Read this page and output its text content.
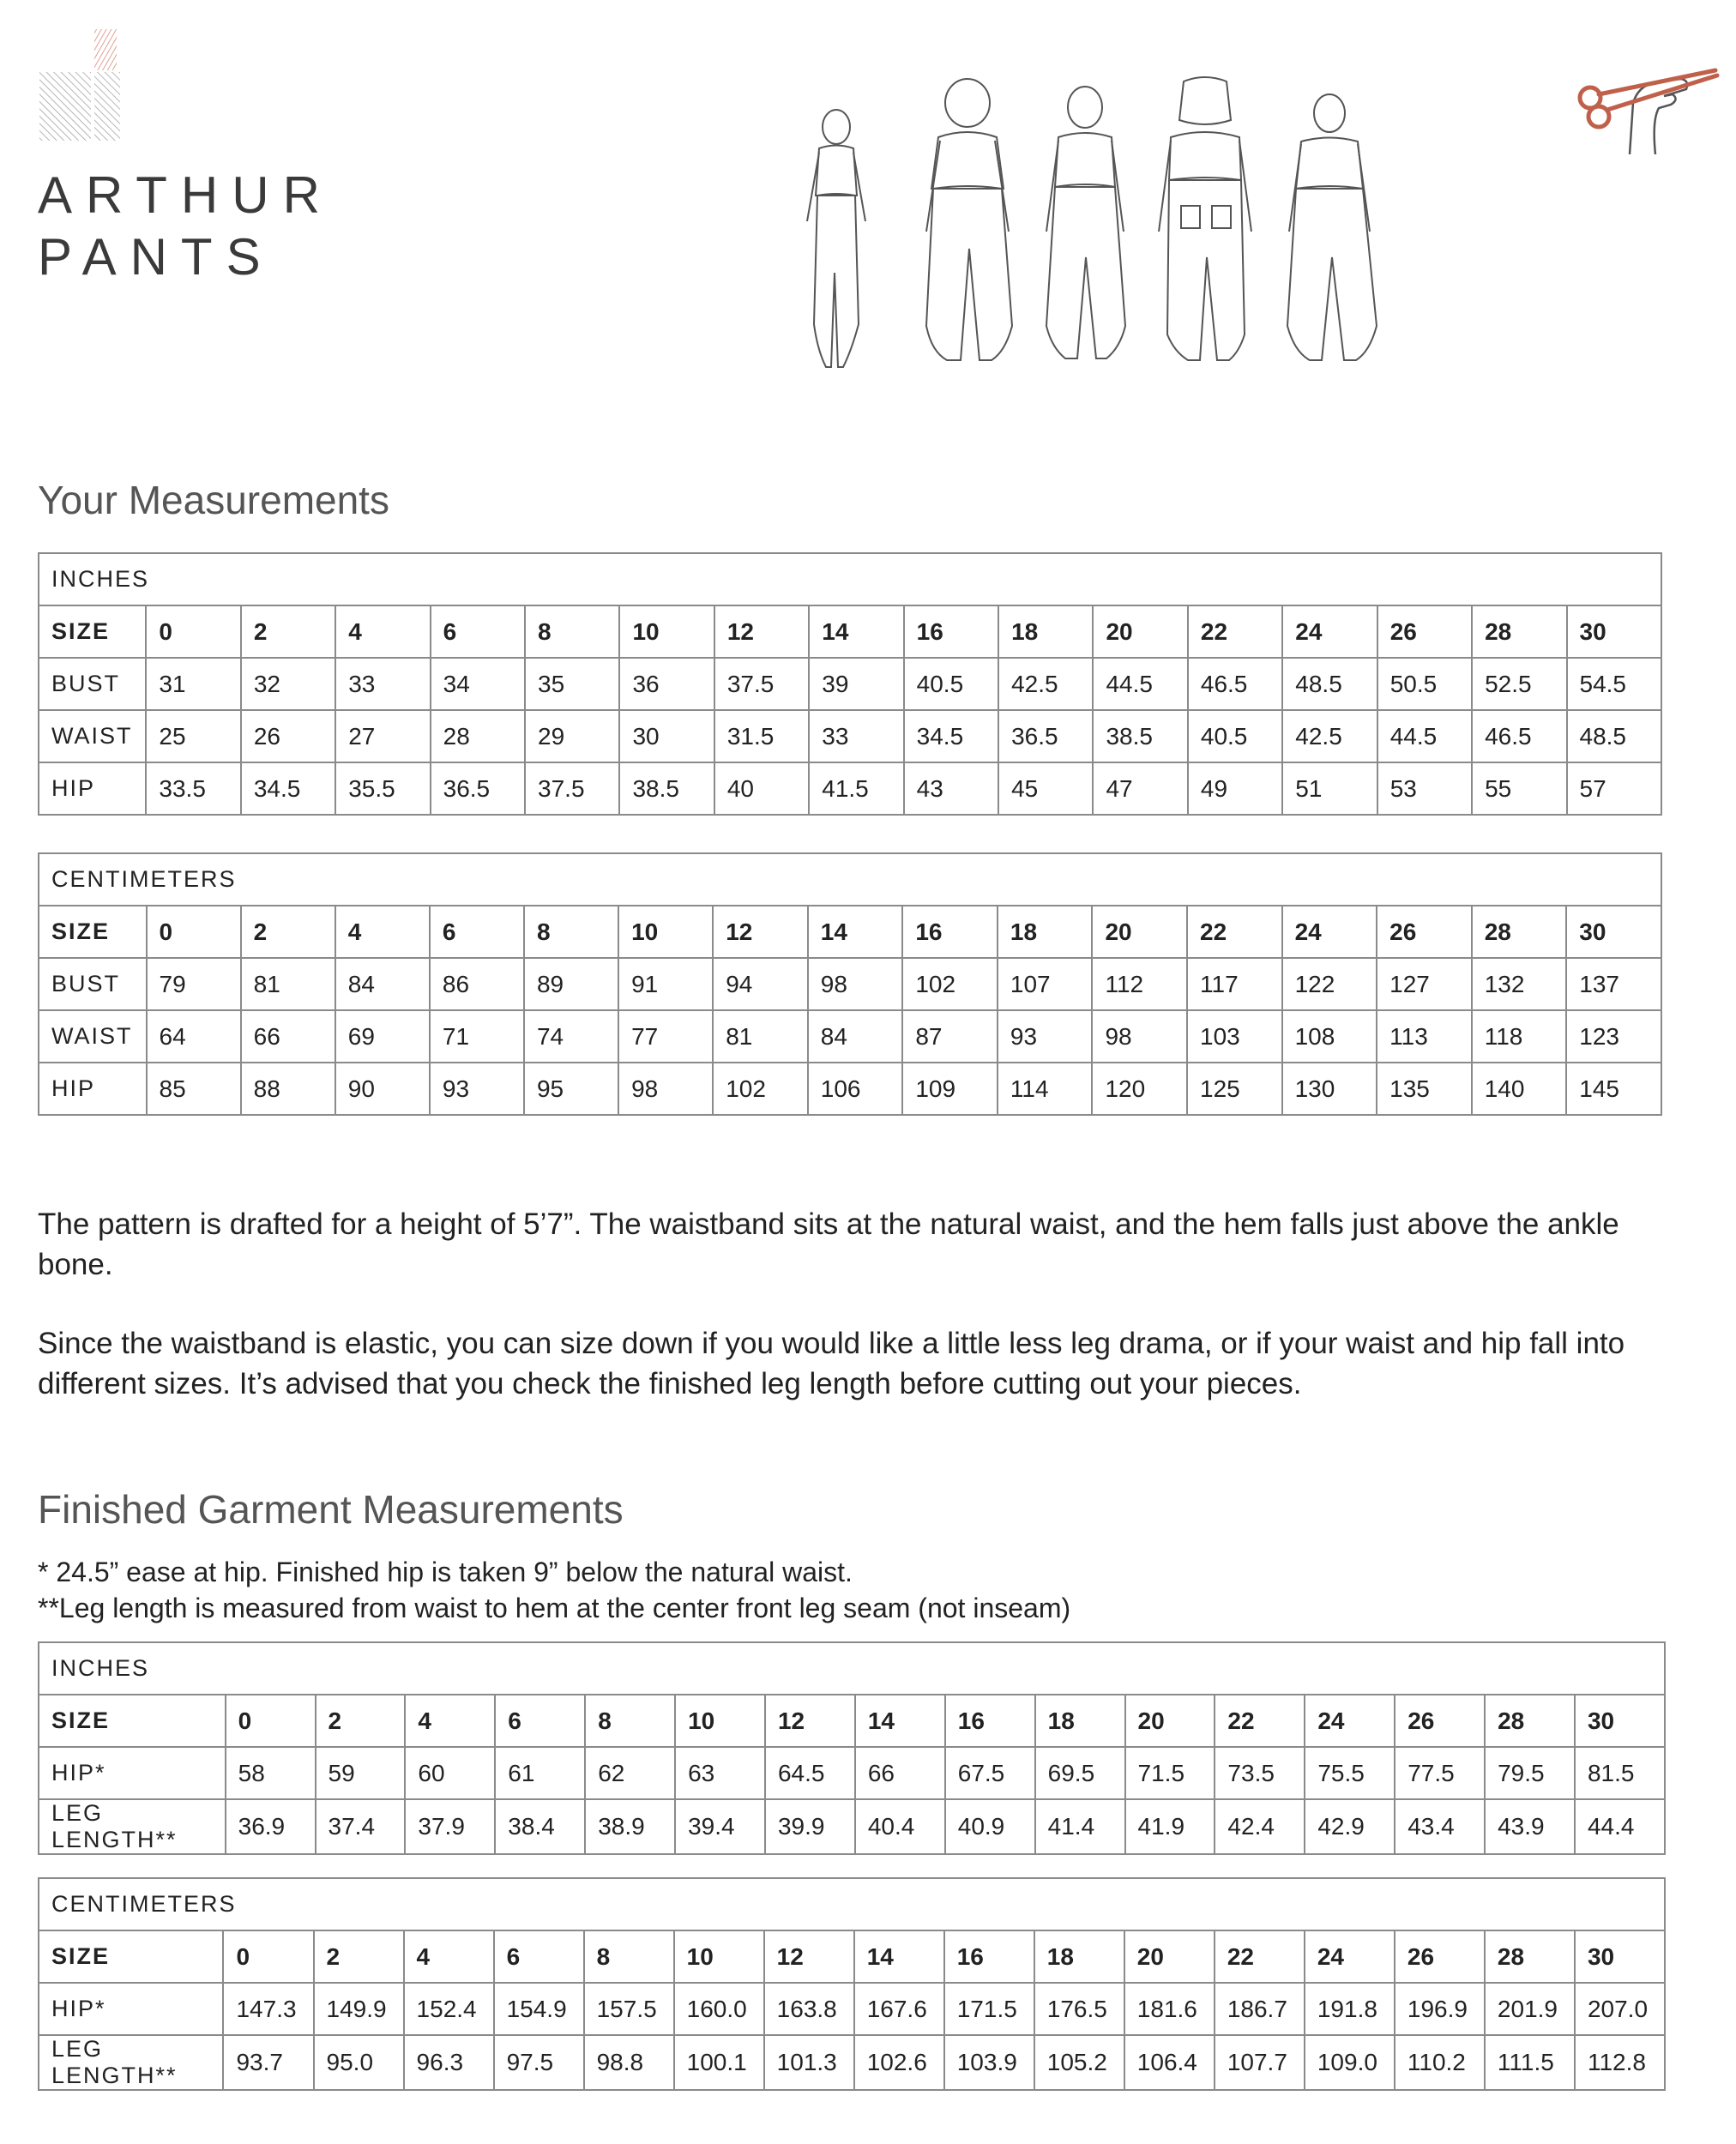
ARTHUR
PANTS
Your Measurements
INCHES																
SIZE	0	2	4	6	8	10	12	14	16	18	20	22	24	26	28	30
BUST	31	32	33	34	35	36	37.5	39	40.5	42.5	44.5	46.5	48.5	50.5	52.5	54.5
WAIST	25	26	27	28	29	30	31.5	33	34.5	36.5	38.5	40.5	42.5	44.5	46.5	48.5
HIP	33.5	34.5	35.5	36.5	37.5	38.5	40	41.5	43	45	47	49	51	53	55	57
CENTIMETERS																
SIZE	0	2	4	6	8	10	12	14	16	18	20	22	24	26	28	30
BUST	79	81	84	86	89	91	94	98	102	107	112	117	122	127	132	137
WAIST	64	66	69	71	74	77	81	84	87	93	98	103	108	113	118	123
HIP	85	88	90	93	95	98	102	106	109	114	120	125	130	135	140	145

The pattern is drafted for a height of 5’7”. The waistband sits at the natural waist, and the hem falls just above the ankle bone.

Since the waistband is elastic, you can size down if you would like a little less leg drama, or if your waist and hip fall into different sizes. It’s advised that you check the finished leg length before cutting out your pieces.

Finished Garment Measurements

* 24.5” ease at hip. Finished hip is taken 9” below the natural waist.

**Leg length is measured from waist to hem at the center front leg seam (not inseam)

INCHES																
SIZE	0	2	4	6	8	10	12	14	16	18	20	22	24	26	28	30
HIP*	58	59	60	61	62	63	64.5	66	67.5	69.5	71.5	73.5	75.5	77.5	79.5	81.5
LEG LENGTH**	36.9	37.4	37.9	38.4	38.9	39.4	39.9	40.4	40.9	41.4	41.9	42.4	42.9	43.4	43.9	44.4
CENTIMETERS																
SIZE	0	2	4	6	8	10	12	14	16	18	20	22	24	26	28	30
HIP*	147.3	149.9	152.4	154.9	157.5	160.0	163.8	167.6	171.5	176.5	181.6	186.7	191.8	196.9	201.9	207.0
LEG LENGTH**	93.7	95.0	96.3	97.5	98.8	100.1	101.3	102.6	103.9	105.2	106.4	107.7	109.0	110.2	111.5	112.8
